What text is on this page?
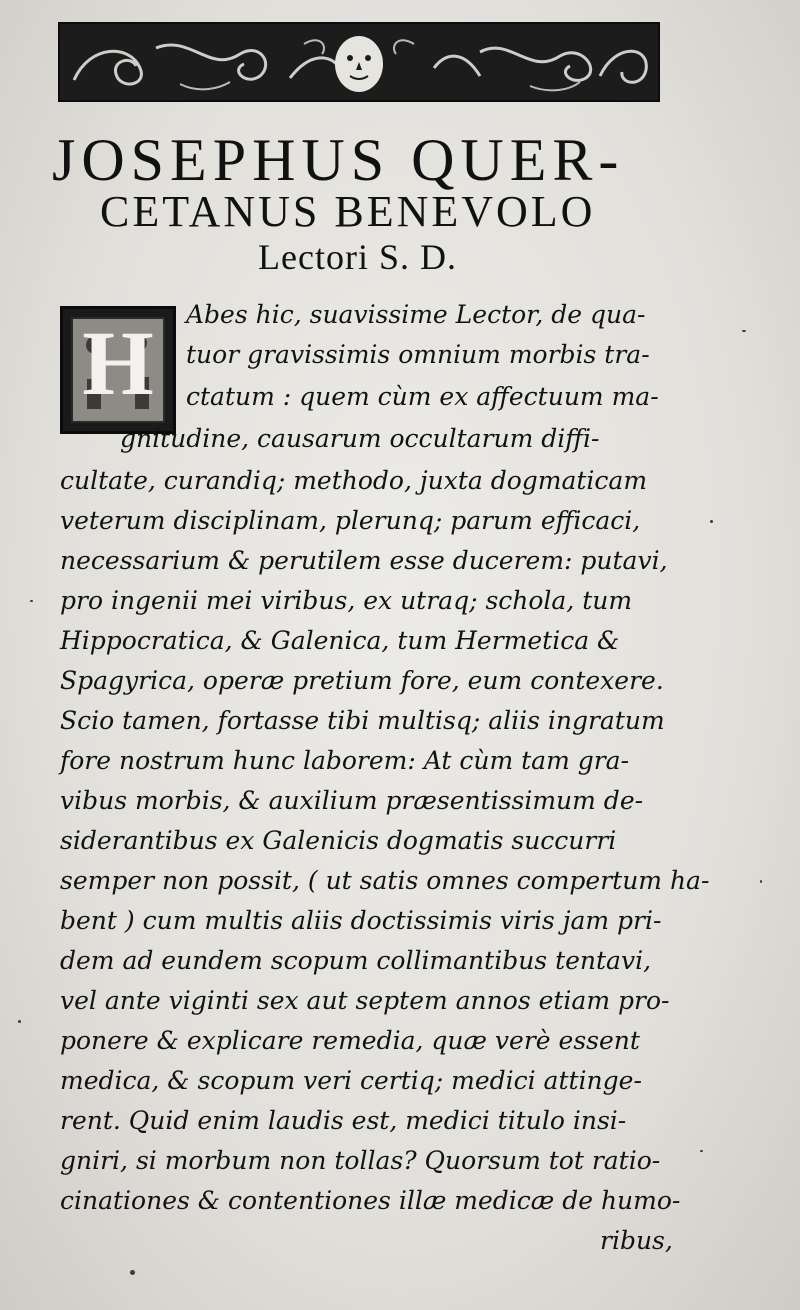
JOSEPHUS QUER-
CETANUS BENEVOLO
Lectori S. D.
H	Abes hic, suavissime Lector, de qua-
tuor gravissimis omnium morbis tra-
ctatum : quem cùm ex affectuum ma-
gnitudine, causarum occultarum diffi-
cultate, curandiq; methodo, juxta dogmaticam
veterum disciplinam, plerunq; parum efficaci,
necessarium & perutilem esse ducerem: putavi,
pro ingenii mei viribus, ex utraq; schola, tum
Hippocratica, & Galenica, tum Hermetica &
Spagyrica, operæ pretium fore, eum contexere.
Scio tamen, fortasse tibi multisq; aliis ingratum
fore nostrum hunc laborem: At cùm tam gra-
vibus morbis, & auxilium præsentissimum de-
siderantibus ex Galenicis dogmatis succurri
semper non possit, ( ut satis omnes compertum ha-
bent ) cum multis aliis doctissimis viris jam pri-
dem ad eundem scopum collimantibus tentavi,
vel ante viginti sex aut septem annos etiam pro-
ponere & explicare remedia, quæ verè essent
medica, & scopum veri certiq; medici attinge-
rent. Quid enim laudis est, medici titulo insi-
gniri, si morbum non tollas? Quorsum tot ratio-
cinationes & contentiones illæ medicæ de humo-
ribus,
